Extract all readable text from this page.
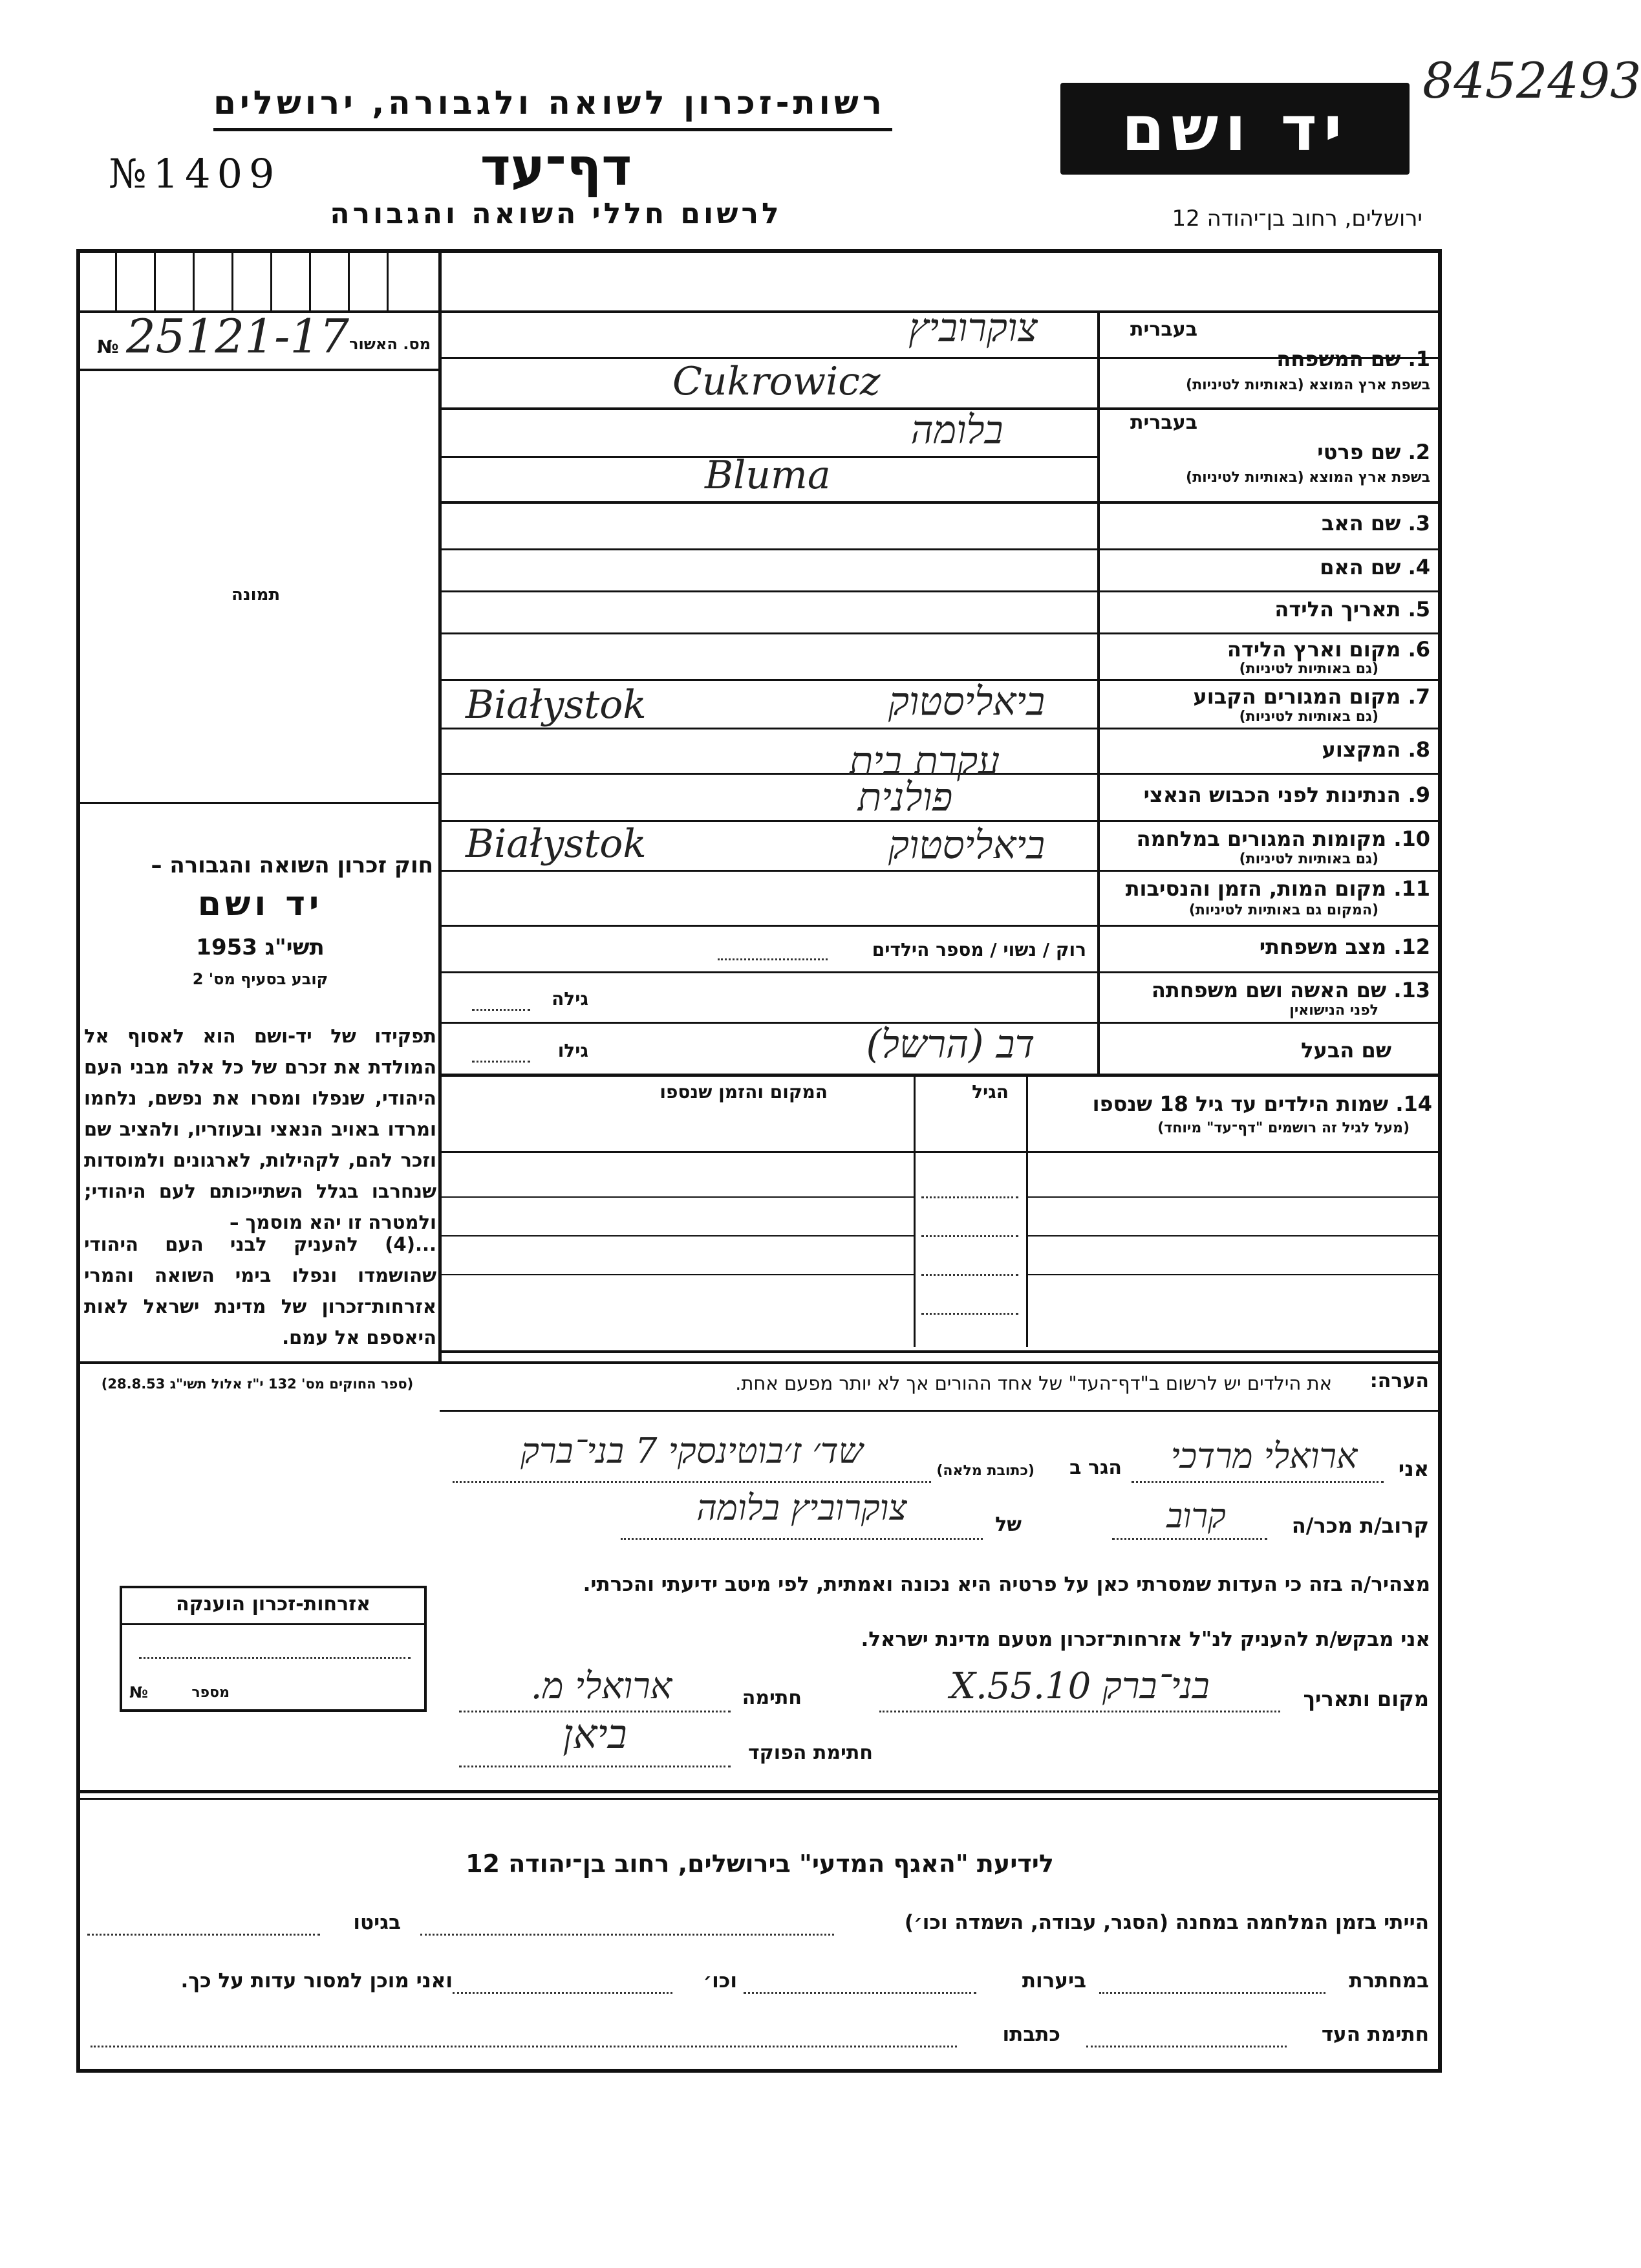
רשות-זכרון לשואה ולגבורה, ירושלים
№1409	דף־עד
לרשום חללי השואה והגבורה
יד ושם
8452493
ירושלים, רחוב בן־יהודה 12
מס. האשור
№ 25121-17
תמונה
חוק זכרון השואה והגבורה –
יד ושם
תשי"ג 1953
קובע בסעיף מס' 2
תפקידו של יד-ושם הוא לאסוף אל המו‏לדת את זכרם של כל אלה מבני העם היהודי, שנפלו ומסרו את נפשם, נלחמו ומרדו באויב הנאצי ובעוזריו, ולהציב שם וזכר להם, לקהילות, לארגונים ולמוסדות שנחרבו בגלל השתייכותם לעם היהודי; ולמטרה זו יהא מוסמך –
...(4) להעניק לבני העם היהודי שהושמדו ונפלו בימי השואה והמרי אזרחות־זכרון של מדינת ישראל לאות היאספם אל עמם.
(ספר החוקים מס' 132 י"ז אלול תשי"ג 28.8.53)
בעברית
1. שם המשפחה
בשפת ארץ המוצא (באותיות לטיניות)
צוקרוביץ
Cukrowicz
בעברית
2. שם פרטי
בשפת ארץ המוצא (באותיות לטיניות)
בלומה
Bluma
3. שם האב
4. שם האם
5. תאריך הלידה
6. מקום וארץ הלידה
(גם באותיות לטיניות)
7. מקום המגורים הקבוע
(גם באותיות לטיניות)
ביאליסטוק
Białystok
8. המקצוע
עקרת בית
9. הנתינות לפני הכבוש הנאצי
פולנית
10. מקומות המגורים במלחמה
(גם באותיות לטיניות)
ביאליסטוק
Białystok
11. מקום המות, הזמן והנסיבות
(המקום גם באותיות לטיניות)
12. מצב משפחתי
רוק / נשוי / מספר הילדים
13. שם האשה ושם משפחתה
לפני הנישואין
גילה
שם הבעל
גילו	דב (הרשל)
14. שמות הילדים עד גיל 18 שנספו
(מעל לגיל זה רושמים "דף־עד" מיוחד)
הגיל
המקום והזמן שנספו
הערה:
את הילדים יש לרשום ב"דף־העד" של אחד ההורים אך לא יותר מפעם אחת.
אני
ארואלי מרדכי
הגר ב
(כתובת מלאה)
שד׳ ז׳בוטינסקי 7 בני־ברק
קרוב/ת מכר/ה
קרוב
של
צוקרוביץ בלומה
מצהיר/ה בזה כי העדות שמסרתי כאן על פרטיה היא נכונה ואמתית, לפי מיטב ידיעתי והכרתי.
אני מבקש/ת להעניק לנ"ל אזרחות־זכרון מטעם מדינת ישראל.
מקום ותאריך
בני־ברק 10.X.55
חתימה
ארואלי מ.
חתימת הפוקד
ביאן
אזרחות-זכרון הוענקה
מספר
№
לידיעת "האגף המדעי" בירושלים, רחוב בן־יהודה 12
הייתי בזמן המלחמה במחנה (הסגר, עבודה, השמדה וכו׳)
בגיטו
במחתרת
ביערות
וכו׳
ואני מוכן למסור עדות על כך.
חתימת העד
כתבתו
